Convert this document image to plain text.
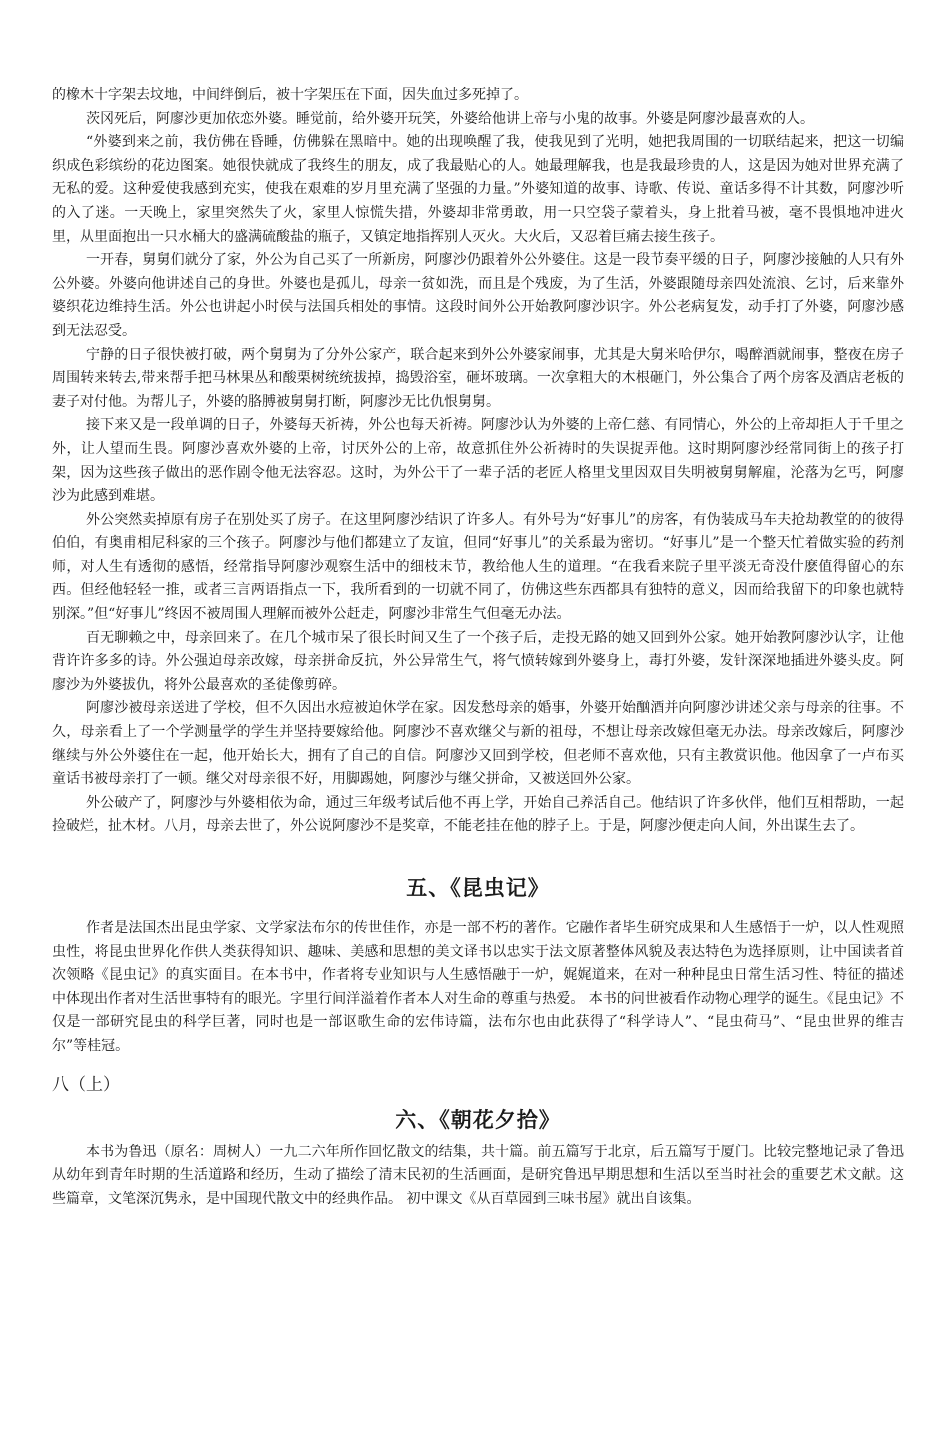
的橡木十字架去坟地，中间绊倒后，被十字架压在下面，因失血过多死掉了。

茨冈死后，阿廖沙更加依恋外婆。睡觉前，给外婆开玩笑，外婆给他讲上帝与小鬼的故事。外婆是阿廖沙最喜欢的人。

“外婆到来之前，我仿佛在昏睡，仿佛躲在黑暗中。她的出现唤醒了我，使我见到了光明，她把我周围的一切联结起来，把这一切编织成色彩缤纷的花边图案。她很快就成了我终生的朋友，成了我最贴心的人。她最理解我，也是我最珍贵的人，这是因为她对世界充满了无私的爱。这种爱使我感到充实，使我在艰难的岁月里充满了坚强的力量。”外婆知道的故事、诗歌、传说、童话多得不计其数，阿廖沙听的入了迷。一天晚上，家里突然失了火，家里人惊慌失措，外婆却非常勇敢，用一只空袋子蒙着头，身上批着马被，毫不畏惧地冲进火里，从里面抱出一只水桶大的盛满硫酸盐的瓶子，又镇定地指挥别人灭火。大火后，又忍着巨痛去接生孩子。

一开春，舅舅们就分了家，外公为自己买了一所新房，阿廖沙仍跟着外公外婆住。这是一段节奏平缓的日子，阿廖沙接触的人只有外公外婆。外婆向他讲述自己的身世。外婆也是孤儿，母亲一贫如洗，而且是个残废，为了生活，外婆跟随母亲四处流浪、乞讨，后来靠外婆织花边维持生活。外公也讲起小时侯与法国兵相处的事情。这段时间外公开始教阿廖沙识字。外公老病复发，动手打了外婆，阿廖沙感到无法忍受。

宁静的日子很快被打破，两个舅舅为了分外公家产，联合起来到外公外婆家闹事，尤其是大舅米哈伊尔，喝醉酒就闹事，整夜在房子周围转来转去,带来帮手把马林果丛和酸栗树统统拔掉，捣毁浴室，砸坏玻璃。一次拿粗大的木根砸门，外公集合了两个房客及酒店老板的妻子对付他。为帮儿子，外婆的胳膊被舅舅打断，阿廖沙无比仇恨舅舅。

接下来又是一段单调的日子，外婆每天祈祷，外公也每天祈祷。阿廖沙认为外婆的上帝仁慈、有同情心，外公的上帝却拒人于千里之外，让人望而生畏。阿廖沙喜欢外婆的上帝，讨厌外公的上帝，故意抓住外公祈祷时的失误捉弄他。这时期阿廖沙经常同街上的孩子打架，因为这些孩子做出的恶作剧令他无法容忍。这时，为外公干了一辈子活的老匠人格里戈里因双目失明被舅舅解雇，沦落为乞丐，阿廖沙为此感到难堪。

外公突然卖掉原有房子在别处买了房子。在这里阿廖沙结识了许多人。有外号为“好事儿”的房客，有伪装成马车夫抢劫教堂的的彼得伯伯，有奥甫相尼科家的三个孩子。阿廖沙与他们都建立了友谊，但同“好事儿”的关系最为密切。“好事儿”是一个整天忙着做实验的药剂师，对人生有透彻的感悟，经常指导阿廖沙观察生活中的细枝末节，教给他人生的道理。“在我看来院子里平淡无奇没什麽值得留心的东西。但经他轻轻一推，或者三言两语指点一下，我所看到的一切就不同了，仿佛这些东西都具有独特的意义，因而给我留下的印象也就特别深。”但“好事儿”终因不被周围人理解而被外公赶走，阿廖沙非常生气但毫无办法。

百无聊赖之中，母亲回来了。在几个城市呆了很长时间又生了一个孩子后，走投无路的她又回到外公家。她开始教阿廖沙认字，让他背许许多多的诗。外公强迫母亲改嫁，母亲拼命反抗，外公异常生气，将气愤转嫁到外婆身上，毒打外婆，发针深深地插进外婆头皮。阿廖沙为外婆拔仇，将外公最喜欢的圣徒像剪碎。

阿廖沙被母亲送进了学校，但不久因出水痘被迫休学在家。因发愁母亲的婚事，外婆开始酗酒并向阿廖沙讲述父亲与母亲的往事。不久，母亲看上了一个学测量学的学生并坚持要嫁给他。阿廖沙不喜欢继父与新的祖母，不想让母亲改嫁但毫无办法。母亲改嫁后，阿廖沙继续与外公外婆住在一起，他开始长大，拥有了自己的自信。阿廖沙又回到学校，但老师不喜欢他，只有主教赏识他。他因拿了一卢布买童话书被母亲打了一顿。继父对母亲很不好，用脚踢她，阿廖沙与继父拼命，又被送回外公家。

外公破产了，阿廖沙与外婆相依为命，通过三年级考试后他不再上学，开始自己养活自己。他结识了许多伙伴，他们互相帮助，一起捡破烂，扯木材。八月，母亲去世了，外公说阿廖沙不是奖章，不能老挂在他的脖子上。于是，阿廖沙便走向人间，外出谋生去了。

五、《昆虫记》

作者是法国杰出昆虫学家、文学家法布尔的传世佳作，亦是一部不朽的著作。它融作者毕生研究成果和人生感悟于一炉，以人性观照虫性，将昆虫世界化作供人类获得知识、趣味、美感和思想的美文译书以忠实于法文原著整体风貌及表达特色为选择原则，让中国读者首次领略《昆虫记》的真实面目。在本书中，作者将专业知识与人生感悟融于一炉，娓娓道来，在对一种种昆虫日常生活习性、特征的描述中体现出作者对生活世事特有的眼光。字里行间洋溢着作者本人对生命的尊重与热爱。 本书的问世被看作动物心理学的诞生。《昆虫记》不仅是一部研究昆虫的科学巨著，同时也是一部讴歌生命的宏伟诗篇，法布尔也由此获得了“科学诗人”、“昆虫荷马”、“昆虫世界的维吉尔”等桂冠。

八（上）
六、《朝花夕拾》

本书为鲁迅（原名：周树人）一九二六年所作回忆散文的结集，共十篇。前五篇写于北京，后五篇写于厦门。比较完整地记录了鲁迅从幼年到青年时期的生活道路和经历，生动了描绘了清末民初的生活画面，是研究鲁迅早期思想和生活以至当时社会的重要艺术文献。这些篇章，文笔深沉隽永，是中国现代散文中的经典作品。 初中课文《从百草园到三味书屋》就出自该集。
